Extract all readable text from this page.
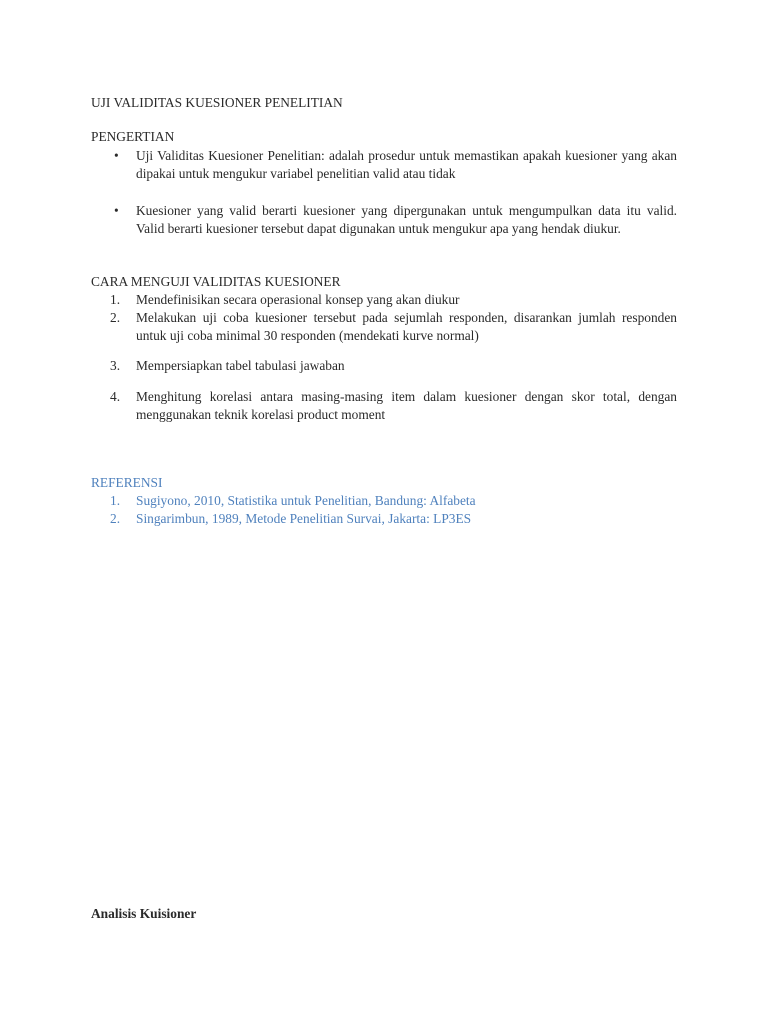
UJI VALIDITAS KUESIONER PENELITIAN
PENGERTIAN
• Uji Validitas Kuesioner Penelitian: adalah prosedur untuk memastikan apakah kuesioner yang akan dipakai untuk mengukur variabel penelitian valid atau tidak
• Kuesioner yang valid berarti kuesioner yang dipergunakan untuk mengumpulkan data itu valid. Valid berarti kuesioner tersebut dapat digunakan untuk mengukur apa yang hendak diukur.
CARA MENGUJI VALIDITAS KUESIONER
1. Mendefinisikan secara operasional konsep yang akan diukur
2. Melakukan uji coba kuesioner tersebut pada sejumlah responden, disarankan jumlah responden untuk uji coba minimal 30 responden (mendekati kurve normal)
3. Mempersiapkan tabel tabulasi jawaban
4. Menghitung korelasi antara masing-masing item dalam kuesioner dengan skor total, dengan menggunakan teknik korelasi product moment
REFERENSI
1. Sugiyono, 2010, Statistika untuk Penelitian, Bandung: Alfabeta
2. Singarimbun, 1989, Metode Penelitian Survai, Jakarta: LP3ES
Analisis Kuisioner
